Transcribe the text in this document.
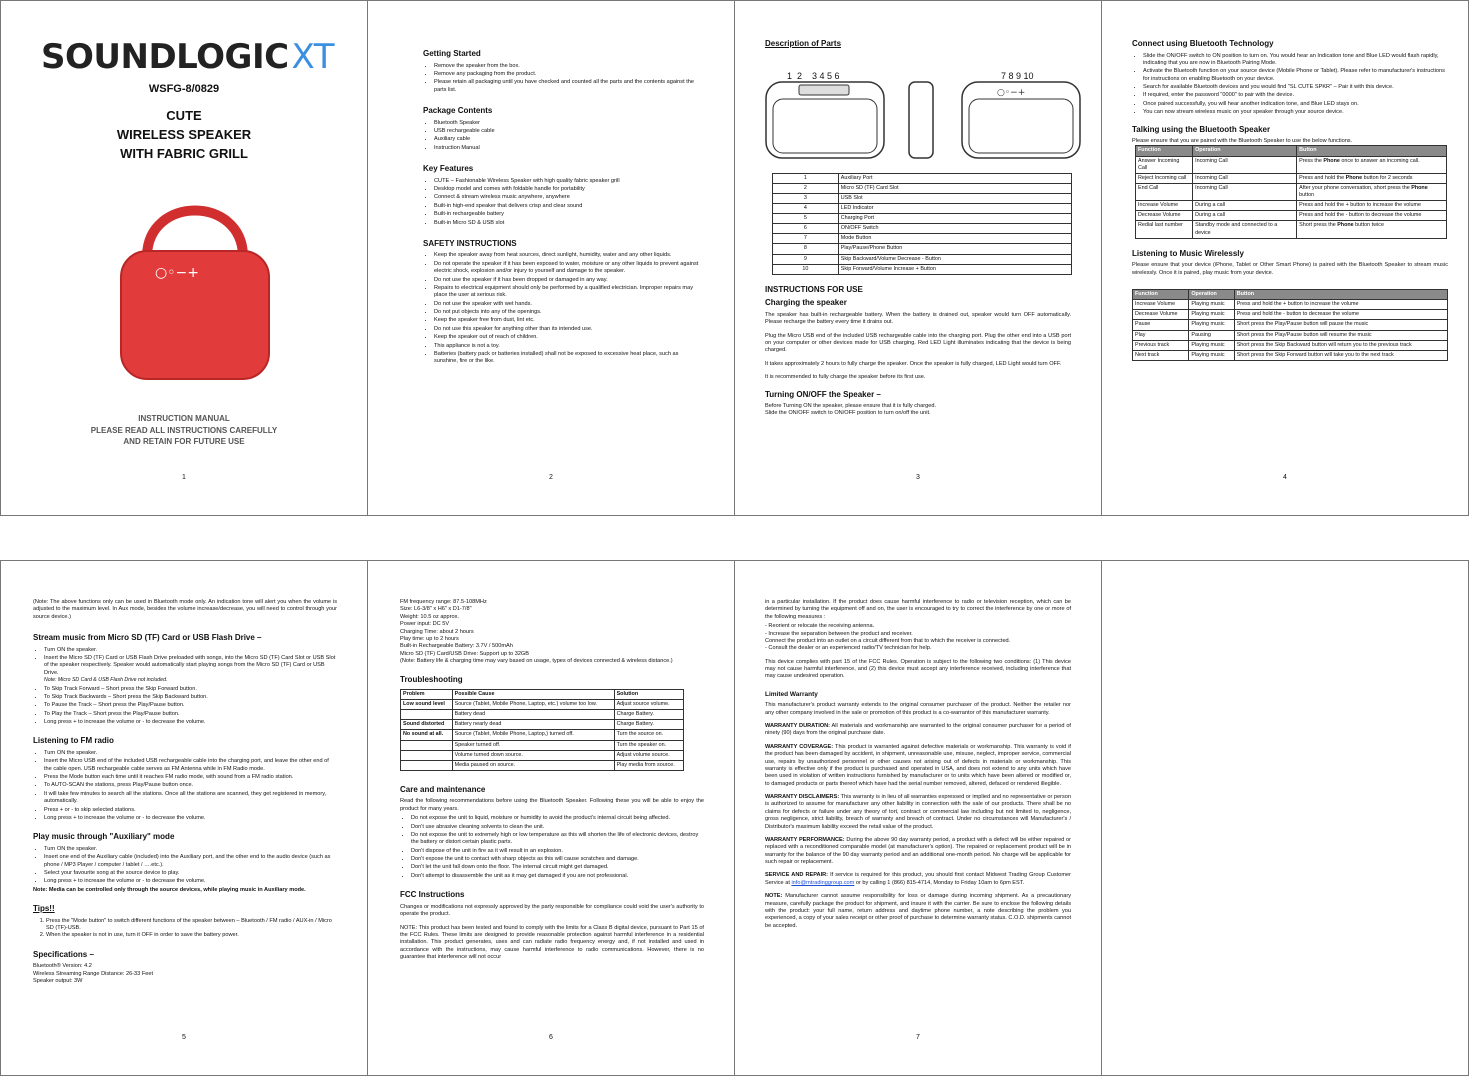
SOUNDLOGICXT
WSFG-8/0829
CUTE
WIRELESS SPEAKER
WITH FABRIC GRILL
○◦−+
INSTRUCTION MANUAL
PLEASE READ ALL INSTRUCTIONS CAREFULLY
AND RETAIN FOR FUTURE USE
1
Getting Started
• Remove the speaker from the box.
• Remove any packaging from the product.
• Please retain all packaging until you have checked and counted all the parts and the contents against the parts list.
Package Contents
• Bluetooth Speaker
• USB rechargeable cable
• Auxiliary cable
• Instruction Manual
Key Features
• CUTE – Fashionable Wireless Speaker with high quality fabric speaker grill
• Desktop model and comes with foldable handle for portability
• Connect & stream wireless music anywhere, anywhere
• Built-in high-end speaker that delivers crisp and clear sound
• Built-in rechargeable battery
• Built-in Micro SD & USB slot
SAFETY INSTRUCTIONS
• Keep the speaker away from heat sources, direct sunlight, humidity, water and any other liquids.
• Do not operate the speaker if it has been exposed to water, moisture or any other liquids to prevent against electric shock, explosion and/or injury to yourself and damage to the speaker.
• Do not use the speaker if it has been dropped or damaged in any way.
• Repairs to electrical equipment should only be performed by a qualified electrician. Improper repairs may place the user at serious risk.
• Do not use the speaker with wet hands.
• Do not put objects into any of the openings.
• Keep the speaker free from dust, lint etc.
• Do not use this speaker for anything other than its intended use.
• Keep the speaker out of reach of children.
• This appliance is not a toy.
• Batteries (battery pack or batteries installed) shall not be exposed to excessive heat place, such as sunshine, fire or the like.
2
Description of Parts
1  2    3 4 5 6	7 8 9 10
○◦−+
1	Auxiliary Port
2	Micro SD (TF) Card Slot
3	USB Slot
4	LED Indicator
5	Charging Port
6	ON/OFF Switch
7	Mode Button
8	Play/Pause/Phone Button
9	Skip Backward/Volume Decrease - Button
10	Skip Forward/Volume Increase + Button
INSTRUCTIONS FOR USE
Charging the speaker

The speaker has built-in rechargeable battery. When the battery is drained out, speaker would turn OFF automatically. Please recharge the battery every time it drains out.

Plug the Micro USB end of the included USB rechargeable cable into the charging port. Plug the other end into a USB port on your computer or other devices made for USB charging. Red LED Light illuminates indicating that the device is being charged.

It takes approximately 2 hours to fully charge the speaker. Once the speaker is fully charged, LED Light would turn OFF.

It is recommended to fully charge the speaker before its first use.

Turning ON/OFF the Speaker –
Before Turning ON the speaker, please ensure that it is fully charged.
Slide the ON/OFF switch to ON/OFF position to turn on/off the unit.
3
Connect using Bluetooth Technology
• Slide the ON/OFF switch to ON position to turn on. You would hear an Indication tone and Blue LED would flash rapidly, indicating that you are now in Bluetooth Pairing Mode.
• Activate the Bluetooth function on your source device (Mobile Phone or Tablet). Please refer to manufacturer's instructions for instructions on enabling Bluetooth on your device.
• Search for available Bluetooth devices and you would find "SL CUTE SPKR" – Pair it with this device.
• If required, enter the password "0000" to pair with the device.
• Once paired successfully, you will hear another indication tone, and Blue LED stays on.
• You can now stream wireless music on your speaker through your source device.
Talking using the Bluetooth Speaker
Please ensure that you are paired with the Bluetooth Speaker to use the below functions.
Function	Operation	Button
Answer Incoming Call	Incoming Call	Press the Phone once to answer an incoming call.
Reject Incoming call	Incoming Call	Press and hold the Phone button for 2 seconds
End Call	Incoming Call	After your phone conversation, short press the Phone button
Increase Volume	During a call	Press and hold the + button to increase the volume
Decrease Volume	During a call	Press and hold the - button to decrease the volume
Redial last number	Standby mode and connected to a device	Short press the Phone button twice
Listening to Music Wirelessly

Please ensure that your device (iPhone, Tablet or Other Smart Phone) is paired with the Bluetooth Speaker to stream music wirelessly. Once it is paired, play music from your device.

Function	Operation	Button
Increase Volume	Playing music	Press and hold the + button to increase the volume
Decrease Volume	Playing music	Press and hold the - button to decrease the volume
Pause	Playing music	Short press the Play/Pause button will pause the music
Play	Pausing	Short press the Play/Pause button will resume the music
Previous track	Playing music	Short press the Skip Backward button will return you to the previous track
Next track	Playing music	Short press the Skip Forward button will take you to the next track
4

(Note: The above functions only can be used in Bluetooth mode only. An indication tone will alert you when the volume is adjusted to the maximum level. In Aux mode, besides the volume increase/decrease, you will need to control through your source device.)

Stream music from Micro SD (TF) Card or USB Flash Drive –
• Turn ON the speaker.
• Insert the Micro SD (TF) Card or USB Flash Drive preloaded with songs, into the Micro SD (TF) Card Slot or USB Slot of the speaker respectively. Speaker would automatically start playing songs from the Micro SD (TF) Card or USB Drive.
Note: Micro SD Card & USB Flash Drive not included.
• To Skip Track Forward – Short press the Skip Forward button.
• To Skip Track Backwards – Short press the Skip Backward button.
• To Pause the Track – Short press the Play/Pause button.
• To Play the Track – Short press the Play/Pause button.
• Long press + to increase the volume or - to decrease the volume.
Listening to FM radio
• Turn ON the speaker.
• Insert the Micro USB end of the included USB rechargeable cable into the charging port, and leave the other end of the cable open. USB rechargeable cable serves as FM Antenna while in FM Radio mode.
• Press the Mode button each time until it reaches FM radio mode, with sound from a FM radio station.
• To AUTO-SCAN the stations, press Play/Pause button once.
• It will take few minutes to search all the stations. Once all the stations are scanned, they get registered in memory, automatically.
• Press + or - to skip selected stations.
• Long press + to increase the volume or - to decrease the volume.
Play music through "Auxiliary" mode
• Turn ON the speaker.
• Insert one end of the Auxiliary cable (included) into the Auxiliary port, and the other end to the audio device (such as phone / MP3 Player / computer / tablet / ….etc.).
• Select your favourite song at the source device to play.
• Long press + to increase the volume or - to decrease the volume.
Note: Media can be controlled only through the source devices, while playing music in Auxiliary mode.
Tips!!
1. Press the "Mode button" to switch different functions of the speaker between – Bluetooth / FM radio / AUX-in / Micro SD (TF)-USB.
2. When the speaker is not in use, turn it OFF in order to save the battery power.
Specifications –
Bluetooth® Version: 4.2
Wireless Streaming Range Distance: 26-33 Feet
Speaker output: 3W
5
FM frequency range: 87.5-108MHz
Size: L6-3/8" x H6" x D1-7/8"
Weight: 10.5 oz approx.
Power input: DC 5V
Charging Time: about 2 hours
Play time: up to 2 hours
Built-in Rechargeable Battery: 3.7V / 500mAh
Micro SD (TF) Card/USB Drive: Support up to 32GB
(Note: Battery life & charging time may vary based on usage, types of devices connected & wireless distance.)
Troubleshooting
Problem	Possible Cause	Solution
Low sound level	Source (Tablet, Mobile Phone, Laptop, etc.) volume too low.	Adjust source volume.
	Battery dead	Charge Battery.
Sound distorted	Battery nearly dead	Charge Battery.
No sound at all.	Source (Tablet, Mobile Phone, Laptop,) turned off.	Turn the source on.
	Speaker turned off.	Turn the speaker on.
	Volume turned down source.	Adjust volume source.
	Media paused on source.	Play media from source.
Care and maintenance

Read the following recommendations before using the Bluetooth Speaker. Following these you will be able to enjoy the product for many years.

• Do not expose the unit to liquid, moisture or humidity to avoid the product's internal circuit being affected.
• Don't use abrasive cleaning solvents to clean the unit.
• Do not expose the unit to extremely high or low temperature as this will shorten the life of electronic devices, destroy the battery or distort certain plastic parts.
• Don't dispose of the unit in fire as it will result in an explosion.
• Don't expose the unit to contact with sharp objects as this will cause scratches and damage.
• Don't let the unit fall down onto the floor. The internal circuit might get damaged.
• Don't attempt to disassemble the unit as it may get damaged if you are not professional.
FCC Instructions

Changes or modifications not expressly approved by the party responsible for compliance could void the user's authority to operate the product.

NOTE: This product has been tested and found to comply with the limits for a Class B digital device, pursuant to Part 15 of the FCC Rules. These limits are designed to provide reasonable protection against harmful interference in a residential installation. This product generates, uses and can radiate radio frequency energy and, if not installed and used in accordance with the instructions, may cause harmful interference to radio communications. However, there is no guarantee that interference will not occur

6

in a particular installation. If the product does cause harmful interference to radio or television reception, which can be determined by turning the equipment off and on, the user is encouraged to try to correct the interference by one or more of the following measures :

- Reorient or relocate the receiving antenna.
- Increase the separation between the product and receiver.
Connect the product into an outlet on a circuit different from that to which the receiver is connected.
- Consult the dealer or an experienced radio/TV technician for help.

This device complies with part 15 of the FCC Rules. Operation is subject to the following two conditions: (1) This device may not cause harmful interference, and (2) this device must accept any interference received, including interference that may cause undesired operation.

Limited Warranty

This manufacturer's product warranty extends to the original consumer purchaser of the product. Neither the retailer nor any other company involved in the sale or promotion of this product is a co-warrantor of this manufacturer warranty.

WARRANTY DURATION: All materials and workmanship are warranted to the original consumer purchaser for a period of ninety (90) days from the original purchase date.

WARRANTY COVERAGE: This product is warranted against defective materials or workmanship. This warranty is void if the product has been damaged by accident, in shipment, unreasonable use, misuse, neglect, improper service, commercial use, repairs by unauthorized personnel or other causes not arising out of defects in materials or workmanship. This warranty is effective only if the product is purchased and operated in USA, and does not extend to any units which have been used in violation of written instructions furnished by manufacturer or to units which have been altered or modified or, to damaged products or parts thereof which have had the serial number removed, altered, defaced or rendered illegible.

WARRANTY DISCLAIMERS: This warranty is in lieu of all warranties expressed or implied and no representative or person is authorized to assume for manufacturer any other liability in connection with the sale of our products. There shall be no claims for defects or failure under any theory of tort, contract or commercial law including but not limited to, negligence, gross negligence, strict liability, breach of warranty and breach of contract. Under no circumstances will Manufacturer's / Distributor's maximum liability exceed the retail value of the product.

WARRANTY PERFORMANCE: During the above 90 day warranty period, a product with a defect will be either repaired or replaced with a reconditioned comparable model (at manufacturer's option). The repaired or replacement product will be in warranty for the balance of the 90 day warranty period and an additional one-month period. No charge will be applicable for such repair or replacement.

SERVICE AND REPAIR: If service is required for this product, you should first contact Midwest Trading Group Customer Service at info@mtradinggroup.com or by calling 1 (866) 815-4714, Monday to Friday 10am to 6pm EST.

NOTE: Manufacturer cannot assume responsibility for loss or damage during incoming shipment. As a precautionary measure, carefully package the product for shipment, and insure it with the carrier. Be sure to enclose the following details with the product: your full name, return address and daytime phone number, a note describing the problem you experienced, a copy of your sales receipt or other proof of purchase to determine warranty status. C.O.D. shipments cannot be accepted.

7
